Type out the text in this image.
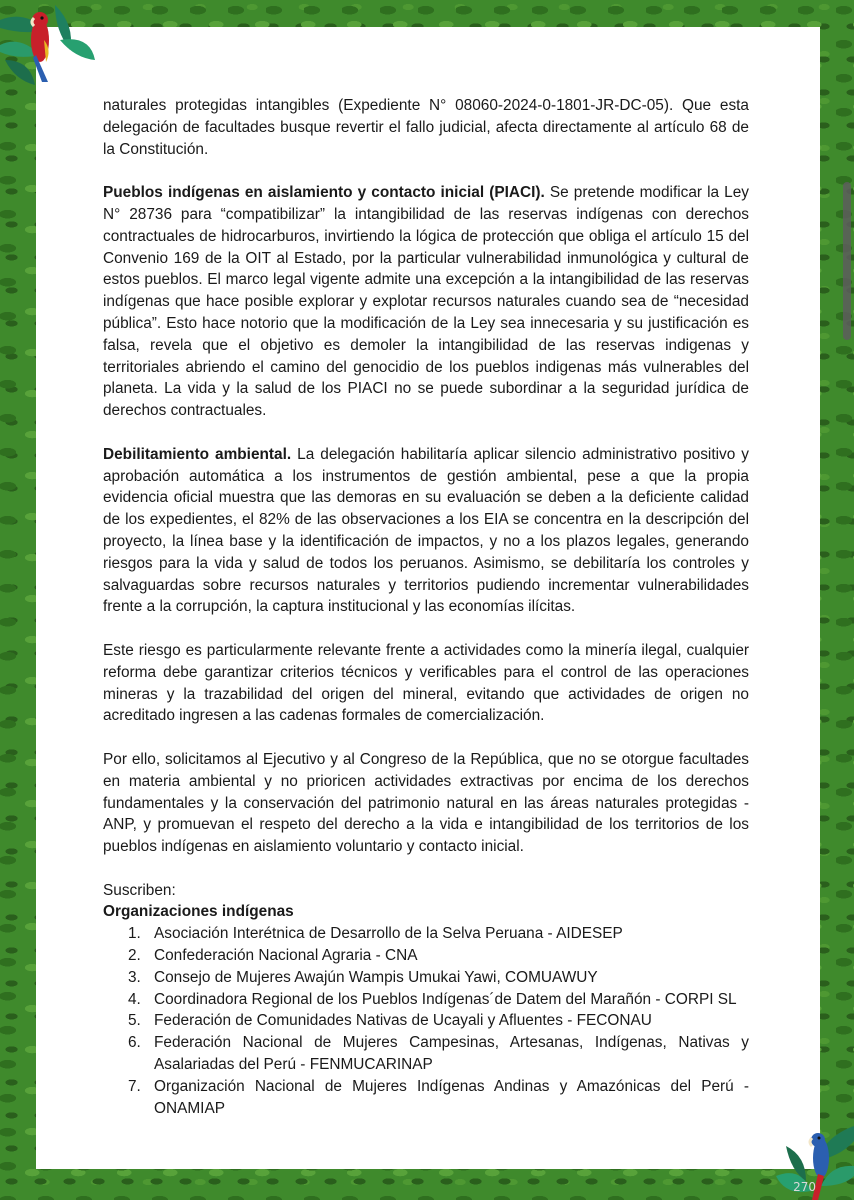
naturales protegidas intangibles (Expediente N° 08060-2024-0-1801-JR-DC-05). Que esta delegación de facultades busque revertir el fallo judicial, afecta directamente al artículo 68 de la Constitución.

Pueblos indígenas en aislamiento y contacto inicial (PIACI). Se pretende modificar la Ley N° 28736 para “compatibilizar” la intangibilidad de las reservas indígenas con derechos contractuales de hidrocarburos, invirtiendo la lógica de protección que obliga el artículo 15 del Convenio 169 de la OIT al Estado, por la particular vulnerabilidad inmunológica y cultural de estos pueblos. El marco legal vigente admite una excepción a la intangibilidad de las reservas indígenas que hace posible explorar y explotar recursos naturales cuando sea de “necesidad pública”. Esto hace notorio que la modificación de la Ley sea innecesaria y su justificación es falsa, revela que el objetivo es demoler la intangibilidad de las reservas indigenas y territoriales abriendo el camino del genocidio de los pueblos indigenas más vulnerables del planeta. La vida y la salud de los PIACI no se puede subordinar a la seguridad jurídica de derechos contractuales.

Debilitamiento ambiental. La delegación habilitaría aplicar silencio administrativo positivo y aprobación automática a los instrumentos de gestión ambiental, pese a que la propia evidencia oficial muestra que las demoras en su evaluación se deben a la deficiente calidad de los expedientes, el 82% de las observaciones a los EIA se concentra en la descripción del proyecto, la línea base y la identificación de impactos, y no a los plazos legales, generando riesgos para la vida y salud de todos los peruanos. Asimismo, se debilitaría los controles y salvaguardas sobre recursos naturales y territorios pudiendo incrementar vulnerabilidades frente a la corrupción, la captura institucional y las economías ilícitas.

Este riesgo es particularmente relevante frente a actividades como la minería ilegal, cualquier reforma debe garantizar criterios técnicos y verificables para el control de las operaciones mineras y la trazabilidad del origen del mineral, evitando que actividades de origen no acreditado ingresen a las cadenas formales de comercialización.

Por ello, solicitamos al Ejecutivo y al Congreso de la República, que no se otorgue facultades en materia ambiental y no prioricen actividades extractivas por encima de los derechos fundamentales y la conservación del patrimonio natural en las áreas naturales protegidas - ANP, y promuevan el respeto del derecho a la vida e intangibilidad de los territorios de los pueblos indígenas en aislamiento voluntario y contacto inicial.

Suscriben:

Organizaciones indígenas

1. Asociación Interétnica de Desarrollo de la Selva Peruana - AIDESEP
2. Confederación Nacional Agraria - CNA
3. Consejo de Mujeres Awajún Wampis Umukai Yawi, COMUAWUY
4. Coordinadora Regional de los Pueblos Indígenas´de Datem del Marañón - CORPI SL
5. Federación de Comunidades Nativas de Ucayali y Afluentes - FECONAU
6. Federación Nacional de Mujeres Campesinas, Artesanas, Indígenas, Nativas y Asalariadas del Perú - FENMUCARINAP
7. Organización Nacional de Mujeres Indígenas Andinas y Amazónicas del Perú - ONAMIAP
270
